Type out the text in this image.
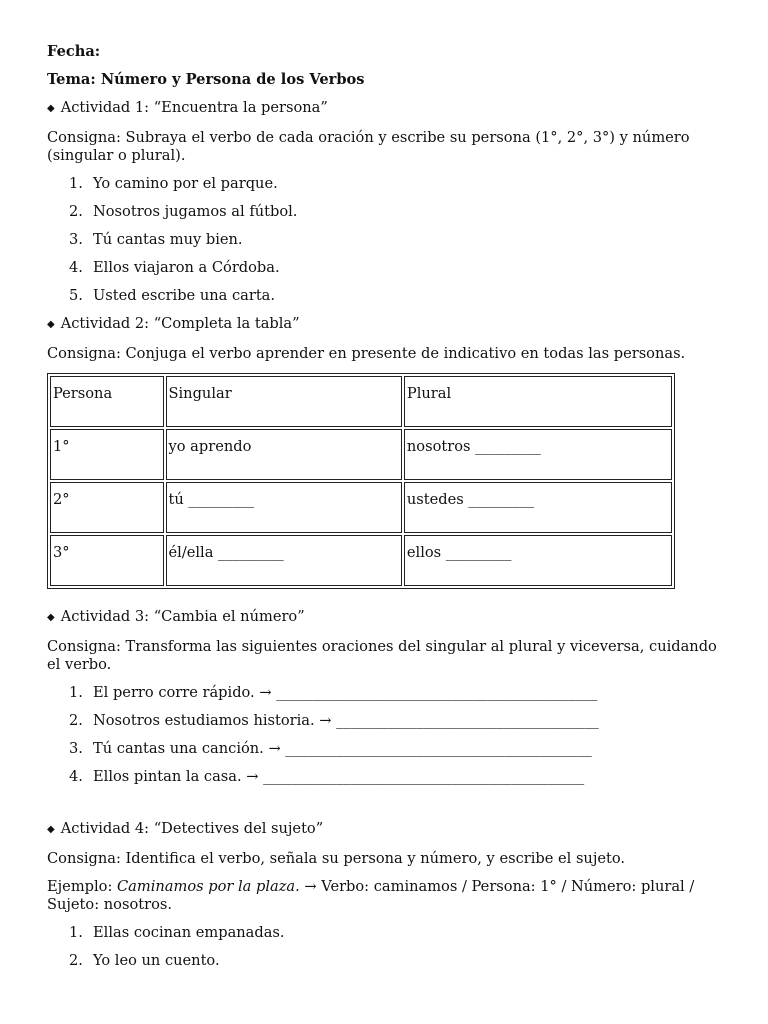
Fecha:

Tema: Número y Persona de los Verbos

◆ Actividad 1: “Encuentra la persona”

Consigna: Subraya el verbo de cada oración y escribe su persona (1°, 2°, 3°) y número (singular o plural).

1. Yo camino por el parque.
2. Nosotros jugamos al fútbol.
3. Tú cantas muy bien.
4. Ellos viajaron a Córdoba.
5. Usted escribe una carta.

◆ Actividad 2: “Completa la tabla”

Consigna: Conjuga el verbo aprender en presente de indicativo en todas las personas.

Persona	Singular	Plural
1°	yo aprendo	nosotros _________
2°	tú _________	ustedes _________
3°	él/ella _________	ellos _________

◆ Actividad 3: “Cambia el número”

Consigna: Transforma las siguientes oraciones del singular al plural y viceversa, cuidando el verbo.

1. El perro corre rápido. → ____________________________________________
2. Nosotros estudiamos historia. → ____________________________________
3. Tú cantas una canción. → __________________________________________
4. Ellos pintan la casa. → ____________________________________________

◆ Actividad 4: “Detectives del sujeto”

Consigna: Identifica el verbo, señala su persona y número, y escribe el sujeto.

Ejemplo: Caminamos por la plaza. → Verbo: caminamos / Persona: 1° / Número: plural / Sujeto: nosotros.

1. Ellas cocinan empanadas.
2. Yo leo un cuento.
